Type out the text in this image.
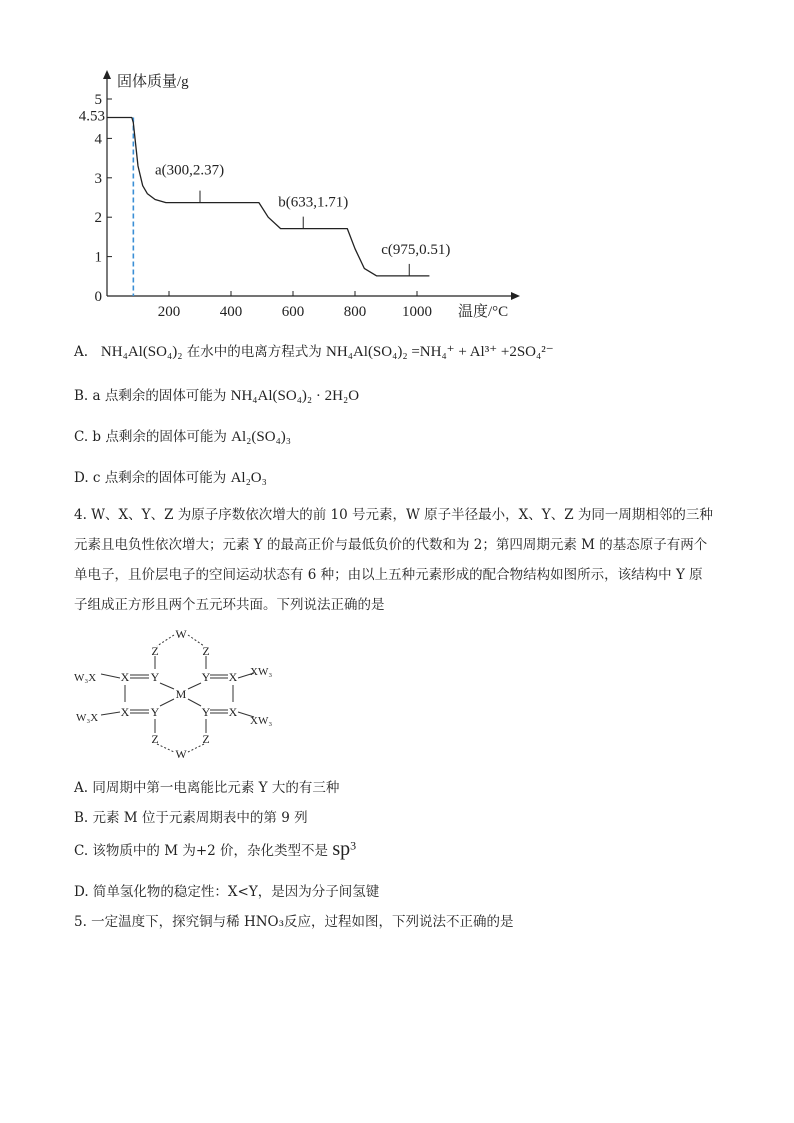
200	400	600	800 1000
1
2
3
4
5
0
4.53
固体质量/g
温度/°C
a(300,2.37)
b(633,1.71)
c(975,0.51)
A. NH₄Al(SO₄)₂ 在水中的电离方程式为 NH₄Al(SO₄)₂ =NH₄⁺ + Al³⁺ +2SO₄²⁻
B. a 点剩余的固体可能为 NH₄Al(SO₄)₂ · 2H₂O
C. b 点剩余的固体可能为 Al₂(SO₄)₃
D. c 点剩余的固体可能为 Al₂O₃
4. W、X、Y、Z 为原子序数依次增大的前 10 号元素，W 原子半径最小，X、Y、Z 为同一周期相邻的三种
元素且电负性依次增大；元素 Y 的最高正价与最低负价的代数和为 2；第四周期元素 M 的基态原子有两个
单电子，且价层电子的空间运动状态有 6 种；由以上五种元素形成的配合物结构如图所示，该结构中 Y 原
子组成正方形且两个五元环共面。下列说法正确的是
W
Z	Z
X Y	Y X
M
X Y	Y X
Z	Z
W
W₃X
W₃X
XW₃
XW₃
A. 同周期中第一电离能比元素 Y 大的有三种
B. 元素 M 位于元素周期表中的第 9 列
C. 该物质中的 M 为+2 价，杂化类型不是 $sp^3$
D. 简单氢化物的稳定性：X<Y，是因为分子间氢键
5. 一定温度下，探究铜与稀 HNO₃反应，过程如图，下列说法不正确的是
